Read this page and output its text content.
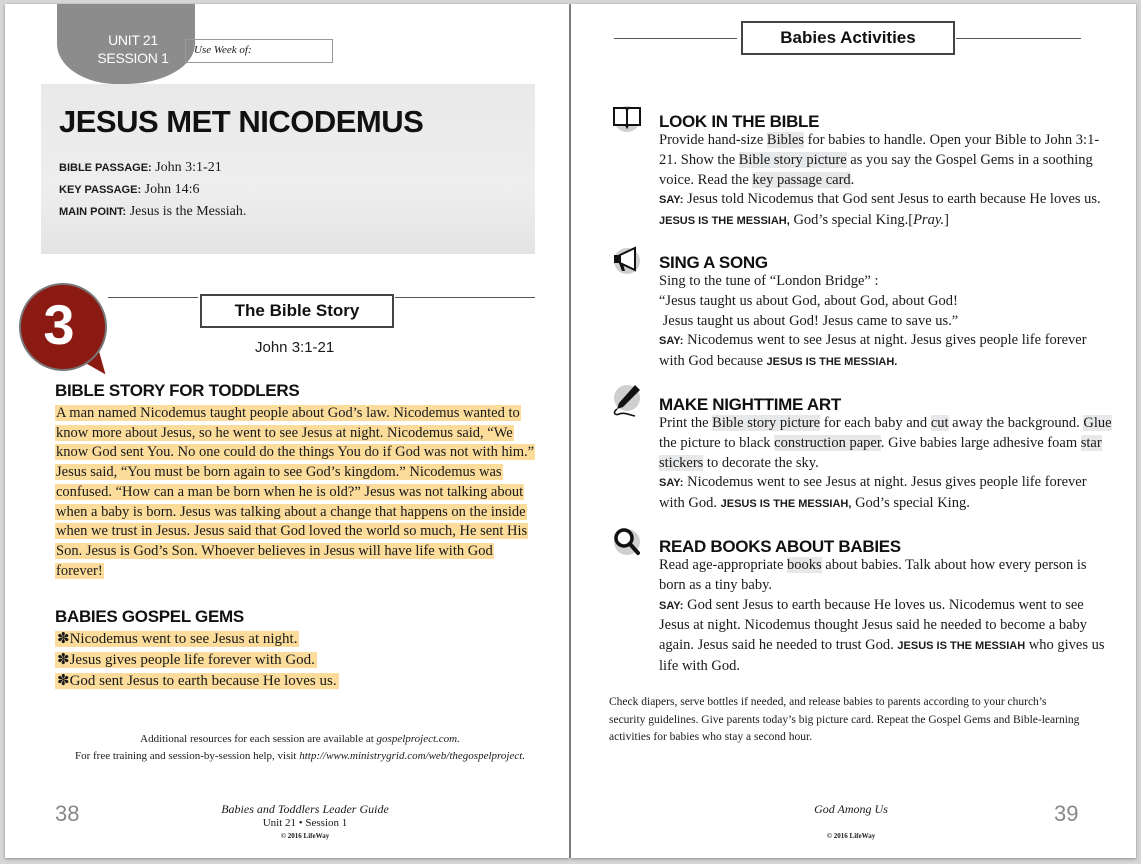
UNIT 21
SESSION 1	Use Week of:
JESUS MET NICODEMUS
BIBLE PASSAGE: John 3:1-21
KEY PASSAGE: John 14:6
MAIN POINT: Jesus is the Messiah.
3	The Bible Story
John 3:1-21
BIBLE STORY FOR TODDLERS
A man named Nicodemus taught people about God’s law. Nicodemus wanted to know more about Jesus, so he went to see Jesus at night. Nicodemus said, “We know God sent You. No one could do the things You do if God was not with him.” Jesus said, “You must be born again to see God’s kingdom.” Nicodemus was confused. “How can a man be born when he is old?” Jesus was not talking about when a baby is born. Jesus was talking about a change that happens on the inside when we trust in Jesus. Jesus said that God loved the world so much, He sent His Son. Jesus is God’s Son. Whoever believes in Jesus will have life with God forever!
BABIES GOSPEL GEMS
✽Nicodemus went to see Jesus at night.
✽Jesus gives people life forever with God.
✽God sent Jesus to earth because He loves us.
Additional resources for each session are available at gospelproject.com.
For free training and session-by-session help, visit http://www.ministrygrid.com/web/thegospelproject.
38	Babies and Toddlers Leader Guide
Unit 21 • Session 1
© 2016 LifeWay
Babies Activities
LOOK IN THE BIBLE
Provide hand-size Bibles for babies to handle. Open your Bible to John 3:1-21. Show the Bible story picture as you say the Gospel Gems in a soothing voice. Read the key passage card.
SAY: Jesus told Nicodemus that God sent Jesus to earth because He loves us. JESUS IS THE MESSIAH, God’s special King.[Pray.]
SING A SONG
Sing to the tune of “London Bridge” :
“Jesus taught us about God, about God, about God!
Jesus taught us about God! Jesus came to save us.”
SAY: Nicodemus went to see Jesus at night. Jesus gives people life forever with God because JESUS IS THE MESSIAH.
MAKE NIGHTTIME ART
Print the Bible story picture for each baby and cut away the background. Glue the picture to black construction paper. Give babies large adhesive foam star stickers to decorate the sky.
SAY: Nicodemus went to see Jesus at night. Jesus gives people life forever with God. JESUS IS THE MESSIAH, God’s special King.
READ BOOKS ABOUT BABIES
Read age-appropriate books about babies. Talk about how every person is born as a tiny baby.
SAY: God sent Jesus to earth because He loves us. Nicodemus went to see Jesus at night. Nicodemus thought Jesus said he needed to become a baby again. Jesus said he needed to trust God. JESUS IS THE MESSIAH who gives us life with God.
Check diapers, serve bottles if needed, and release babies to parents according to your church’s security guidelines. Give parents today’s big picture card. Repeat the Gospel Gems and Bible-learning activities for babies who stay a second hour.
God Among Us
© 2016 LifeWay
39
